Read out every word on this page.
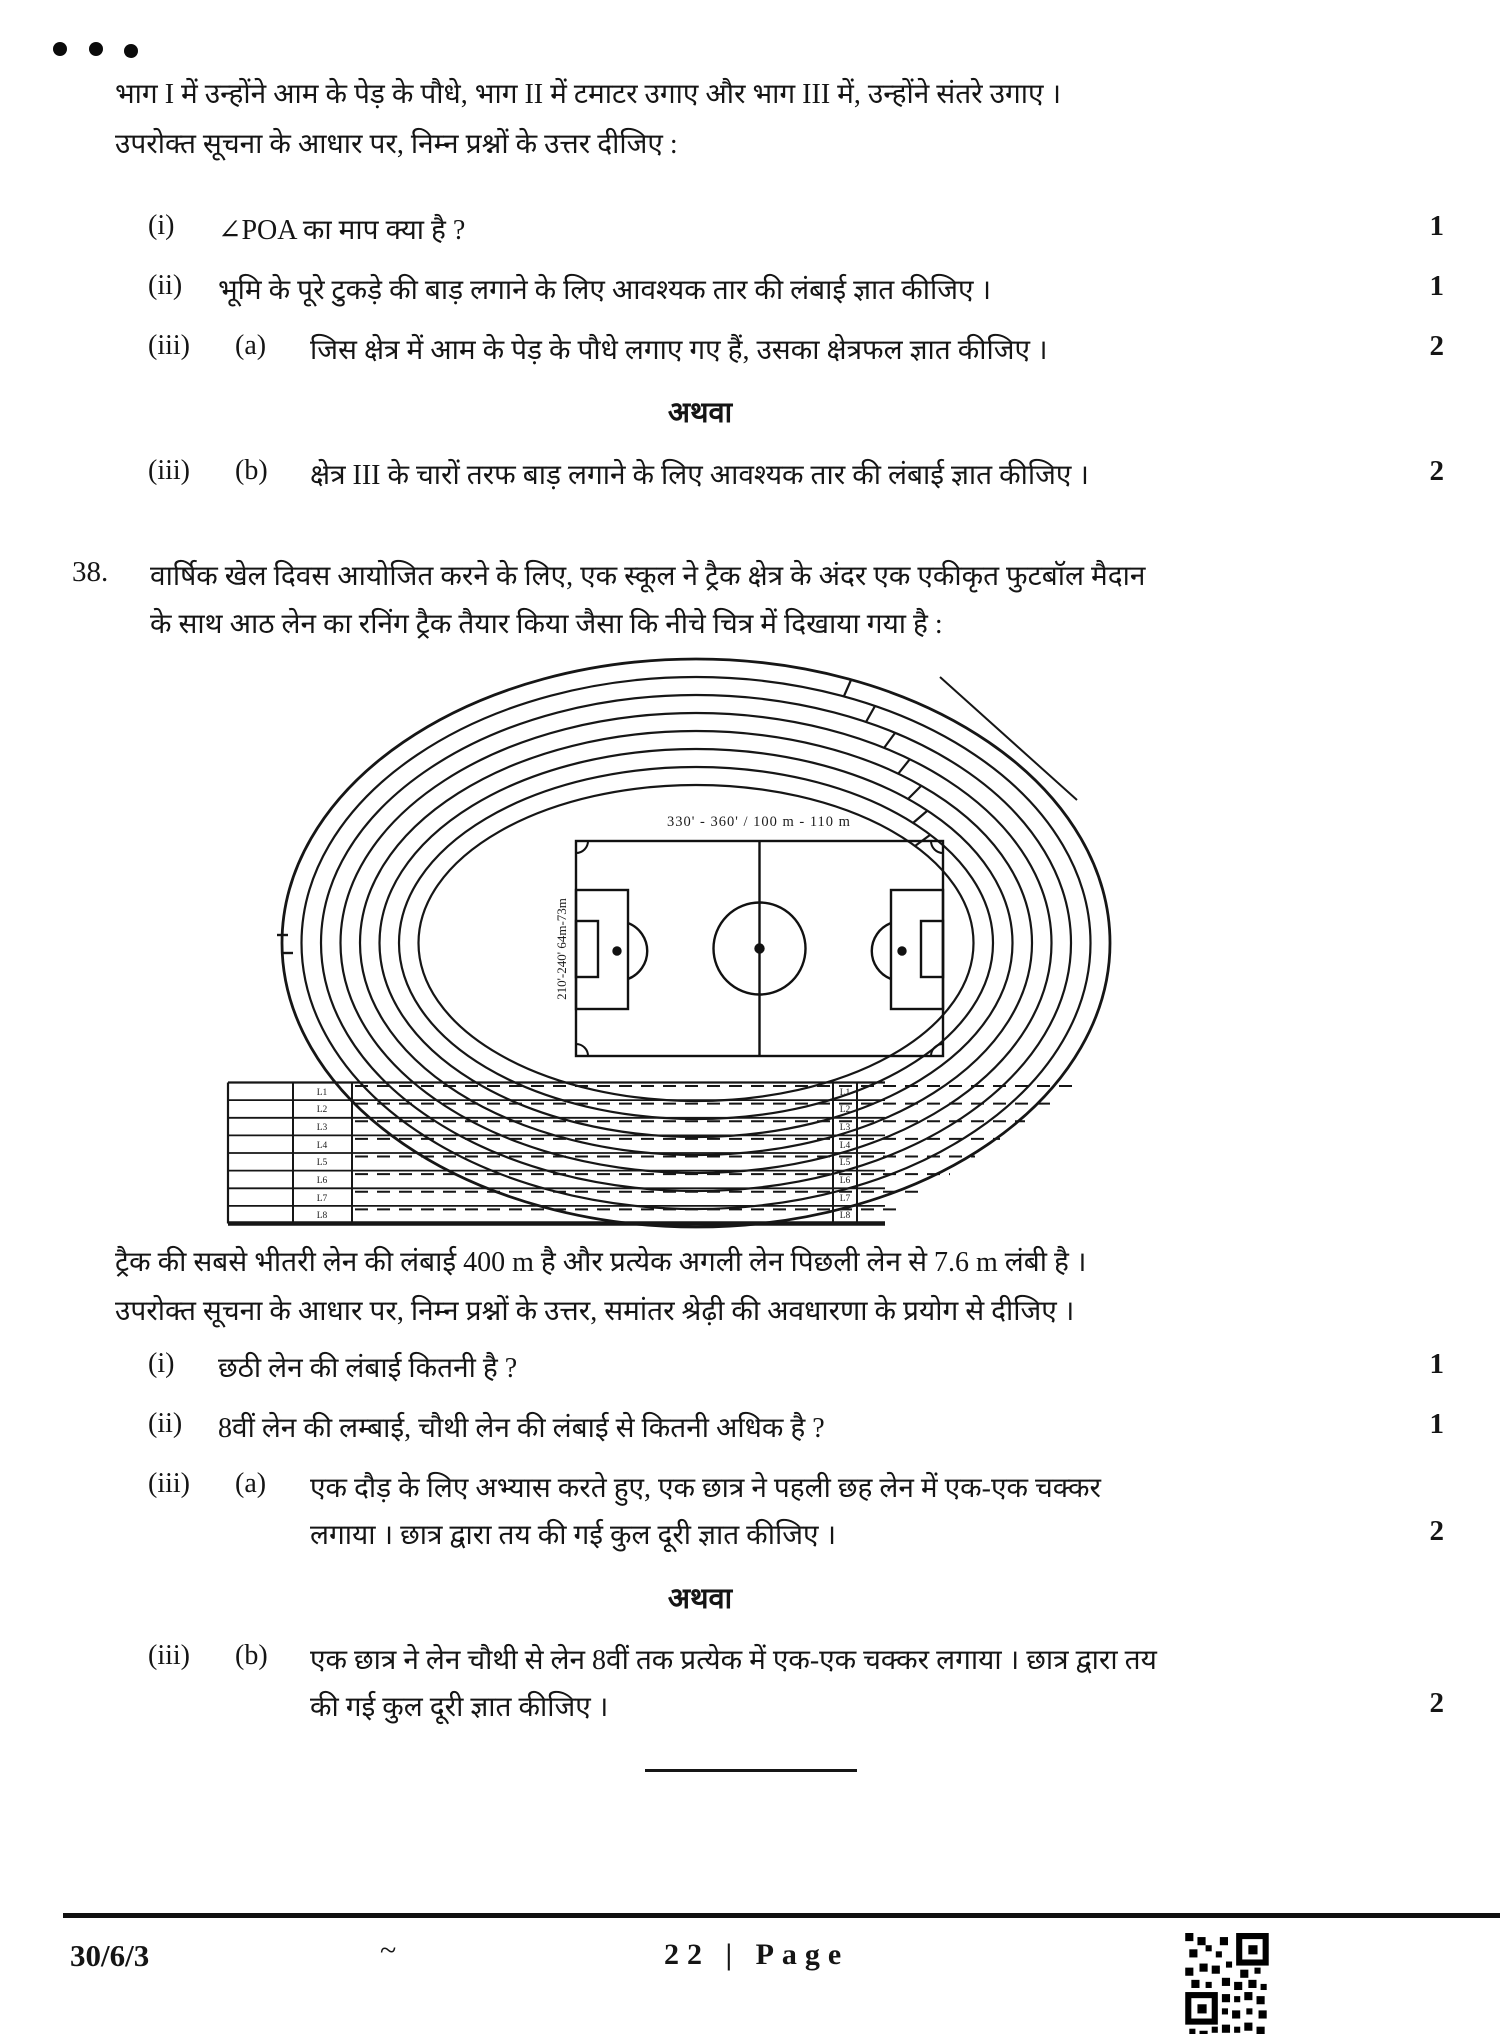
भाग I में उन्होंने आम के पेड़ के पौधे, भाग II में टमाटर उगाए और भाग III में, उन्होंने संतरे उगाए ।
उपरोक्त सूचना के आधार पर, निम्न प्रश्नों के उत्तर दीजिए :
(i) ∠POA का माप क्या है ?	1
(ii) भूमि के पूरे टुकड़े की बाड़ लगाने के लिए आवश्यक तार की लंबाई ज्ञात कीजिए ।	1
(iii) (a) जिस क्षेत्र में आम के पेड़ के पौधे लगाए गए हैं, उसका क्षेत्रफल ज्ञात कीजिए ।	2
अथवा
(iii) (b) क्षेत्र III के चारों तरफ बाड़ लगाने के लिए आवश्यक तार की लंबाई ज्ञात कीजिए ।	2
38. वार्षिक खेल दिवस आयोजित करने के लिए, एक स्कूल ने ट्रैक क्षेत्र के अंदर एक एकीकृत फुटबॉल मैदान
के साथ आठ लेन का रनिंग ट्रैक तैयार किया जैसा कि नीचे चित्र में दिखाया गया है :
L1
L2
L3
L4
L5
L6
L7
L8
L1
L2
L3
L4
L5
L6
L7
L8
330' - 360' / 100 m - 110 m
210'-240' 64m-73m
ट्रैक की सबसे भीतरी लेन की लंबाई 400 m है और प्रत्येक अगली लेन पिछली लेन से 7.6 m लंबी है ।
उपरोक्त सूचना के आधार पर, निम्न प्रश्नों के उत्तर, समांतर श्रेढ़ी की अवधारणा के प्रयोग से दीजिए ।
(i) छठी लेन की लंबाई कितनी है ?	1
(ii) 8वीं लेन की लम्बाई, चौथी लेन की लंबाई से कितनी अधिक है ?	1
(iii) (a) एक दौड़ के लिए अभ्यास करते हुए, एक छात्र ने पहली छह लेन में एक-एक चक्कर
लगाया । छात्र द्वारा तय की गई कुल दूरी ज्ञात कीजिए ।	2
अथवा
(iii) (b) एक छात्र ने लेन चौथी से लेन 8वीं तक प्रत्येक में एक-एक चक्कर लगाया । छात्र द्वारा तय
की गई कुल दूरी ज्ञात कीजिए ।	2
30/6/3	~	22 | Page
